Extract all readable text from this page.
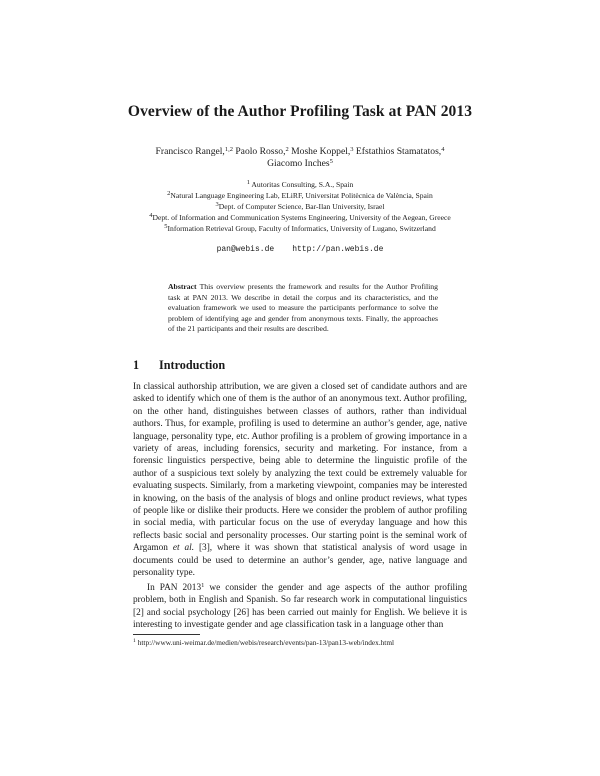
Overview of the Author Profiling Task at PAN 2013
Francisco Rangel,$^{1,2}$ Paolo Rosso,$^2$ Moshe Koppel,$^3$ Efstathios Stamatatos,$^4$
Giacomo Inches$^5$
$^1$ Autoritas Consulting, S.A., Spain
$^2$Natural Language Engineering Lab, ELiRF, Universitat Politècnica de València, Spain
$^3$Dept. of Computer Science, Bar-Ilan University, Israel
$^4$Dept. of Information and Communication Systems Engineering, University of the Aegean, Greece
$^5$Information Retrieval Group, Faculty of Informatics, University of Lugano, Switzerland
pan@webis.de http://pan.webis.de
Abstract This overview presents the framework and results for the Author Profiling task at PAN 2013. We describe in detail the corpus and its characteristics, and the evaluation framework we used to measure the participants performance to solve the problem of identifying age and gender from anonymous texts. Finally, the approaches of the 21 participants and their results are described.
1 Introduction
In classical authorship attribution, we are given a closed set of candidate authors and are asked to identify which one of them is the author of an anonymous text. Author profiling, on the other hand, distinguishes between classes of authors, rather than individual authors. Thus, for example, profiling is used to determine an author’s gender, age, native language, personality type, etc. Author profiling is a problem of growing importance in a variety of areas, including forensics, security and marketing. For instance, from a forensic linguistics perspective, being able to determine the linguistic profile of the author of a suspicious text solely by analyzing the text could be extremely valuable for evaluating suspects. Similarly, from a marketing viewpoint, companies may be interested in knowing, on the basis of the analysis of blogs and online product reviews, what types of people like or dislike their products. Here we consider the problem of author profiling in social media, with particular focus on the use of everyday language and how this reflects basic social and personality processes. Our starting point is the seminal work of Argamon et al. [3], where it was shown that statistical analysis of word usage in documents could be used to determine an author’s gender, age, native language and personality type.
In PAN 2013$^1$ we consider the gender and age aspects of the author profiling problem, both in English and Spanish. So far research work in computational linguistics [2] and social psychology [26] has been carried out mainly for English. We believe it is interesting to investigate gender and age classification task in a language other than
$^1$ http://www.uni-weimar.de/medien/webis/research/events/pan-13/pan13-web/index.html
